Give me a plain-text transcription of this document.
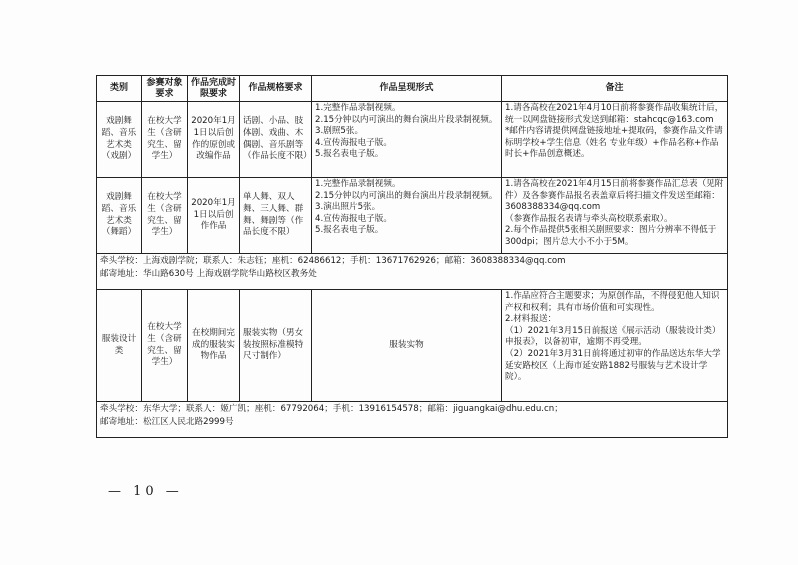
类别	参赛对象要求	作品完成时限要求	作品规格要求	作品呈现形式	备注
戏剧舞蹈、音乐艺术类（戏剧）	在校大学生（含研究生、留学生）	2020年1月1日以后创作的原创或改编作品	话剧、小品、肢体剧、戏曲、木偶剧、音乐剧等（作品长度不限）	1.完整作品录制视频。
2.15分钟以内可演出的舞台演出片段录制视频。
3.剧照5张。
4.宣传海报电子版。
5.报名表电子版。	1.请各高校在2021年4月10日前将参赛作品收集统计后，统一以网盘链接形式发送到邮箱：stahcqc@163.com
*邮件内容请提供网盘链接地址+提取码，参赛作品文件请标明学校+学生信息（姓名 专业年级）+作品名称+作品时长+作品创意概述。

戏剧舞蹈、音乐艺术类（舞蹈）	在校大学生（含研究生、留学生）	2020年1月1日以后创作作品	单人舞、双人舞、三人舞、群舞、舞剧等（作品长度不限）	1.完整作品录制视频。
2.15分钟以内可演出的舞台演出片段录制视频。
3.演出照片5张。
4.宣传海报电子版。
5.报名表电子版。	1.请各高校在2021年4月15日前将参赛作品汇总表（见附件）及各参赛作品报名表盖章后将扫描文件发送至邮箱：3608388334@qq.com
（参赛作品报名表请与牵头高校联系索取）。
2.每个作品提供5张相关剧照要求：图片分辨率不得低于300dpi；图片总大小不小于5M。

牵头学校：上海戏剧学院；联系人：朱志钰；座机：62486612；手机：13671762926；邮箱：3608388334@qq.com
邮寄地址：华山路630号 上海戏剧学院华山路校区教务处					

服装设计类	在校大学生（含研究生、留学生）	在校期间完成的服装实物作品	服装实物（男女装按照标准模特尺寸制作）	服装实物	1.作品应符合主题要求；为原创作品，不得侵犯他人知识产权和权利；具有市场价值和可实现性。
2.材料报送：
（1）2021年3月15日前报送《展示活动（服装设计类）申报表》，以备初审，逾期不再受理。
（2）2021年3月31日前将通过初审的作品送达东华大学延安路校区（上海市延安路1882号服装与艺术设计学院）。

牵头学校：东华大学；联系人：姬广凯；座机：67792064；手机：13916154578；邮箱：jiguangkai@dhu.edu.cn；
邮寄地址：松江区人民北路2999号					
— 10 —
